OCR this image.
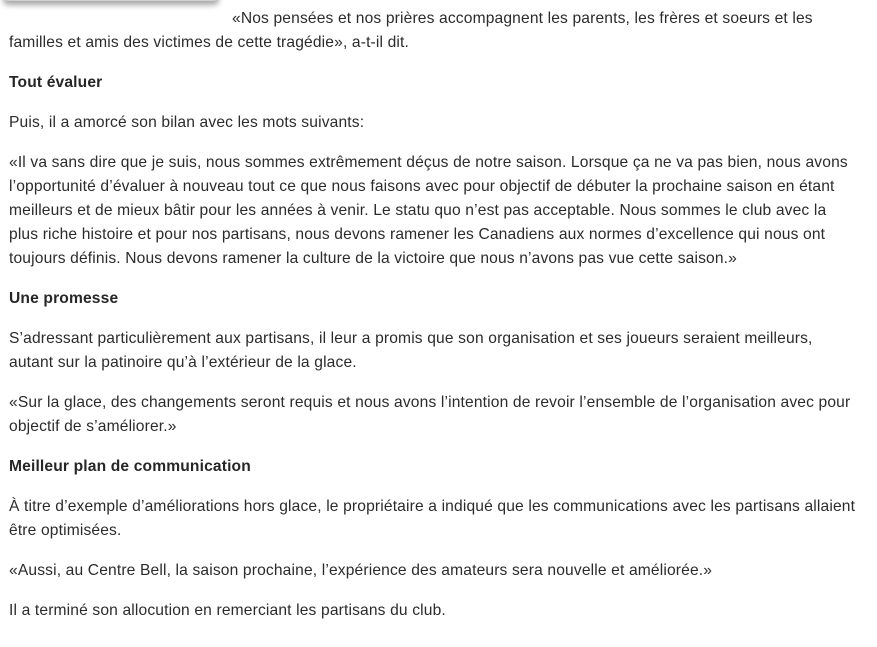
«Nos pensées et nos prières accompagnent les parents, les frères et soeurs et les familles et amis des victimes de cette tragédie», a-t-il dit.

Tout évaluer

Puis, il a amorcé son bilan avec les mots suivants:

«Il va sans dire que je suis, nous sommes extrêmement déçus de notre saison. Lorsque ça ne va pas bien, nous avons l’opportunité d’évaluer à nouveau tout ce que nous faisons avec pour objectif de débuter la prochaine saison en étant meilleurs et de mieux bâtir pour les années à venir. Le statu quo n’est pas acceptable. Nous sommes le club avec la plus riche histoire et pour nos partisans, nous devons ramener les Canadiens aux normes d’excellence qui nous ont toujours définis. Nous devons ramener la culture de la victoire que nous n’avons pas vue cette saison.»

Une promesse

S’adressant particulièrement aux partisans, il leur a promis que son organisation et ses joueurs seraient meilleurs, autant sur la patinoire qu’à l’extérieur de la glace.

«Sur la glace, des changements seront requis et nous avons l’intention de revoir l’ensemble de l’organisation avec pour objectif de s’améliorer.»

Meilleur plan de communication

À titre d’exemple d’améliorations hors glace, le propriétaire a indiqué que les communications avec les partisans allaient être optimisées.

«Aussi, au Centre Bell, la saison prochaine, l’expérience des amateurs sera nouvelle et améliorée.»

Il a terminé son allocution en remerciant les partisans du club.
